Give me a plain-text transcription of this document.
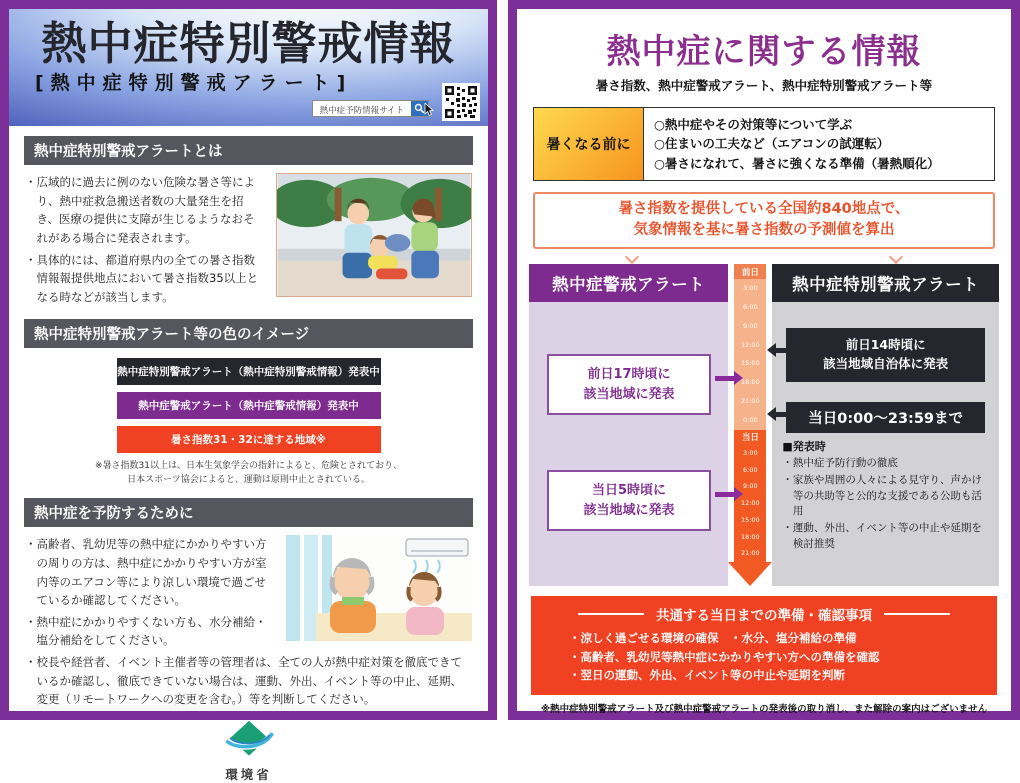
熱中症特別警戒情報
[熱中症特別警戒アラート]
熱中症予防情報サイト
熱中症特別警戒アラートとは

・広域的に過去に例のない危険な暑さ等により、熱中症救急搬送者数の大量発生を招き、医療の提供に支障が生じるようなおそれがある場合に発表されます。

・具体的には、都道府県内の全ての暑さ指数情報報提供地点において暑さ指数35以上となる時などが該当します。

熱中症特別警戒アラート等の色のイメージ
熱中症特別警戒アラート（熱中症特別警戒情報）発表中
熱中症警戒アラート（熱中症警戒情報）発表中
暑さ指数31・32に達する地域※
※暑さ指数31以上は、日本生気象学会の指針によると、危険とされており、
日本スポーツ協会によると、運動は原則中止とされている。
熱中症を予防するために

・高齢者、乳幼児等の熱中症にかかりやすい方の周りの方は、熱中症にかかりやすい方が室内等のエアコン等により涼しい環境で過ごせているか確認してください。

・熱中症にかかりやすくない方も、水分補給・塩分補給をしてください。

・校長や経営者、イベント主催者等の管理者は、全ての人が熱中症対策を徹底できているか確認し、徹底できていない場合は、運動、外出、イベント等の中止、延期、変更（リモートワークへの変更を含む。）等を判断してください。

環境省
熱中症に関する情報
暑さ指数、熱中症警戒アラート、熱中症特別警戒アラート等
暑くなる前に
○熱中症やその対策等について学ぶ
○住まいの工夫など（エアコンの試運転）
○暑さになれて、暑さに強くなる準備（暑熱順化）
暑さ指数を提供している全国約840地点で、
気象情報を基に暑さ指数の予測値を算出
熱中症警戒アラート
前日17時頃に
該当地域に発表
当日5時頃に
該当地域に発表
前日
3:00
6:00
9:00
12:00
15:00
18:00
21:00
0:00
当日
3:00
6:00
9:00
12:00
15:00
18:00
21:00
熱中症特別警戒アラート
前日14時頃に
該当地域自治体に発表
当日0:00～23:59まで
■発表時

・熱中症予防行動の徹底

・家族や周囲の人々による見守り、声かけ等の共助等と公的な支援である公助も活用

・運動、外出、イベント等の中止や延期を検討推奨

共通する当日までの準備・確認事項
・涼しく過ごせる環境の確保　・水分、塩分補給の準備
・高齢者、乳幼児等熱中症にかかりやすい方への準備を確認
・翌日の運動、外出、イベント等の中止や延期を判断
※熱中症特別警戒アラート及び熱中症警戒アラートの発表後の取り消し、また解除の案内はございません
